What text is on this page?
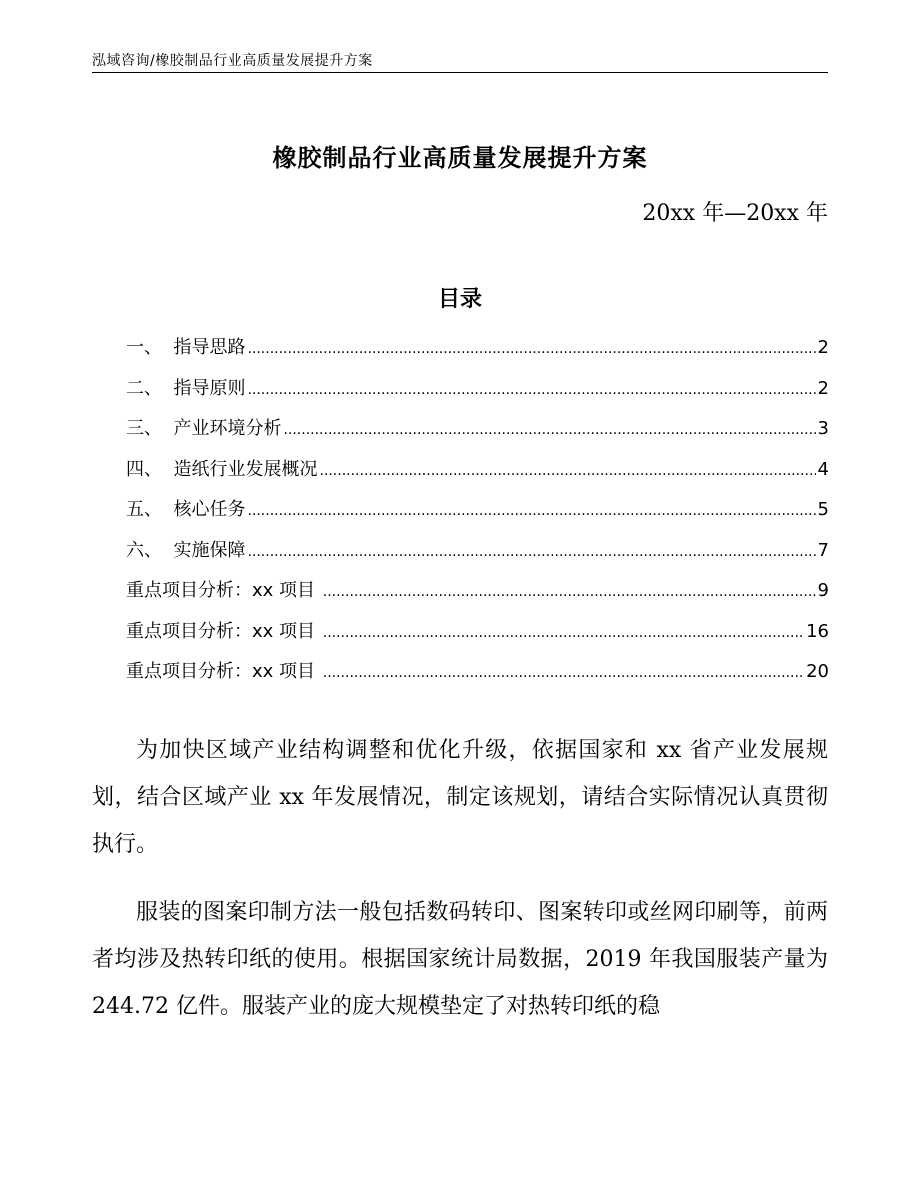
泓域咨询/橡胶制品行业高质量发展提升方案
橡胶制品行业高质量发展提升方案
20xx 年—20xx 年
目录
一、 指导思路 .....	2
二、 指导原则 .....	2
三、 产业环境分析 .....	3
四、 造纸行业发展概况 .....	4
五、 核心任务 .....	5
六、 实施保障 .....	7
重点项目分析：xx 项目 .....	9
重点项目分析：xx 项目 .....	16
重点项目分析：xx 项目 .....	20

为加快区域产业结构调整和优化升级，依据国家和 xx 省产业发展规划，结合区域产业 xx 年发展情况，制定该规划，请结合实际情况认真贯彻执行。

服装的图案印制方法一般包括数码转印、图案转印或丝网印刷等，前两者均涉及热转印纸的使用。根据国家统计局数据，2019 年我国服装产量为 244.72 亿件。服装产业的庞大规模垫定了对热转印纸的稳
